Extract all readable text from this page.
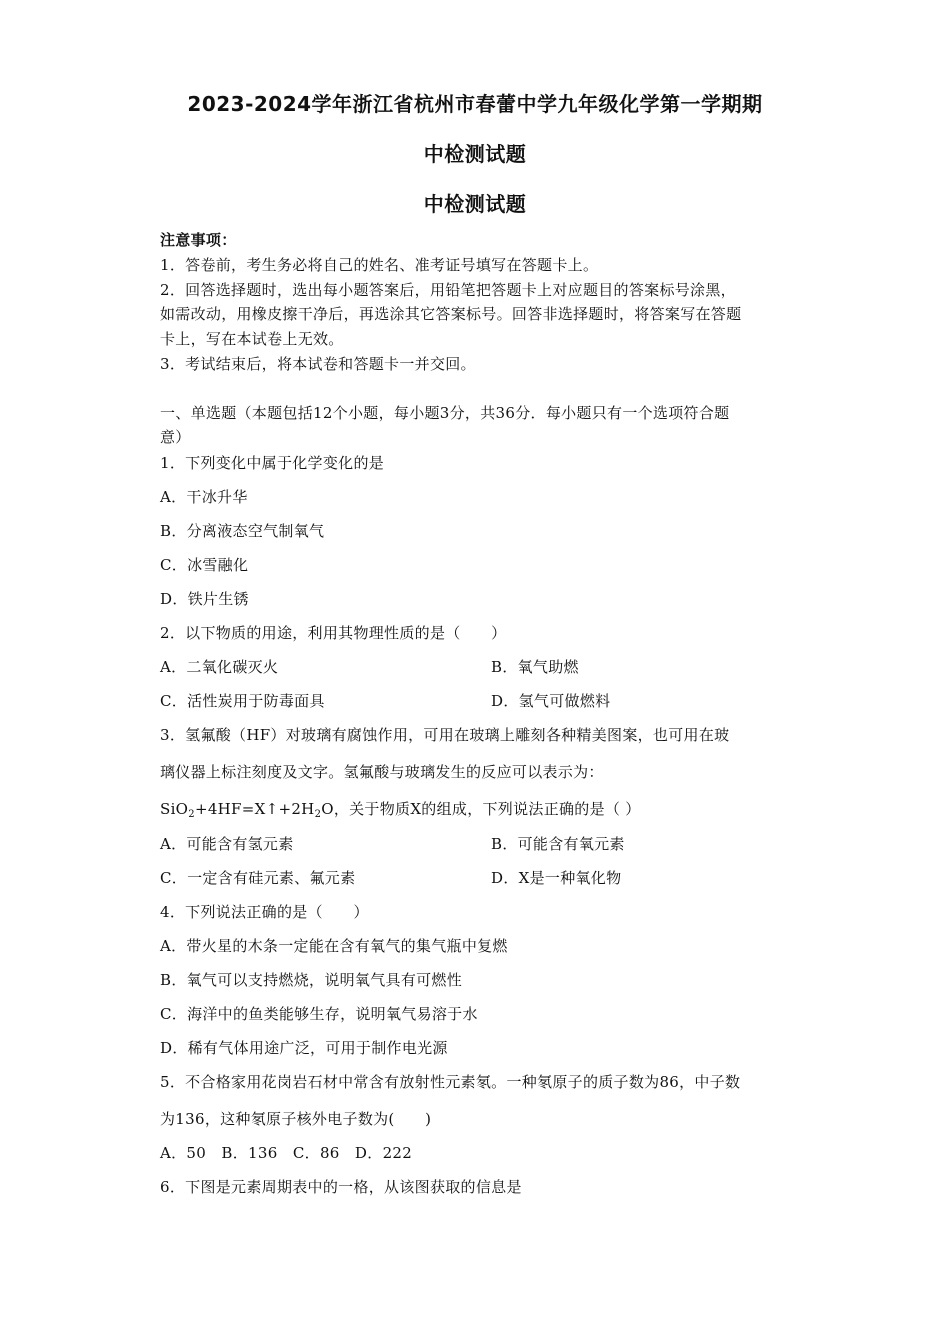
2023-2024学年浙江省杭州市春蕾中学九年级化学第一学期期
中检测试题
中检测试题
注意事项：
1．答卷前，考生务必将自己的姓名、准考证号填写在答题卡上。
2．回答选择题时，选出每小题答案后，用铅笔把答题卡上对应题目的答案标号涂黑，
如需改动，用橡皮擦干净后，再选涂其它答案标号。回答非选择题时，将答案写在答题
卡上，写在本试卷上无效。
3．考试结束后，将本试卷和答题卡一并交回。
一、单选题（本题包括12个小题，每小题3分，共36分．每小题只有一个选项符合题
意）
1．下列变化中属于化学变化的是
A．干冰升华
B．分离液态空气制氧气
C．冰雪融化
D．铁片生锈
2．以下物质的用途，利用其物理性质的是（　　）
A．二氧化碳灭火	B．氧气助燃
C．活性炭用于防毒面具	D．氢气可做燃料
3．氢氟酸（HF）对玻璃有腐蚀作用，可用在玻璃上雕刻各种精美图案，也可用在玻
璃仪器上标注刻度及文字。氢氟酸与玻璃发生的反应可以表示为：
$SiO_2+4HF=X↑+2H_2O$，关于物质X的组成，下列说法正确的是（ ）
A．可能含有氢元素	B．可能含有氧元素
C．一定含有硅元素、氟元素	D．X是一种氧化物
4．下列说法正确的是（　　）
A．带火星的木条一定能在含有氧气的集气瓶中复燃
B．氧气可以支持燃烧，说明氧气具有可燃性
C．海洋中的鱼类能够生存，说明氧气易溶于水
D．稀有气体用途广泛，可用于制作电光源
5．不合格家用花岗岩石材中常含有放射性元素氡。一种氡原子的质子数为86，中子数
为136，这种氡原子核外电子数为(　　)
A．50　B．136　C．86　D．222
6．下图是元素周期表中的一格，从该图获取的信息是
